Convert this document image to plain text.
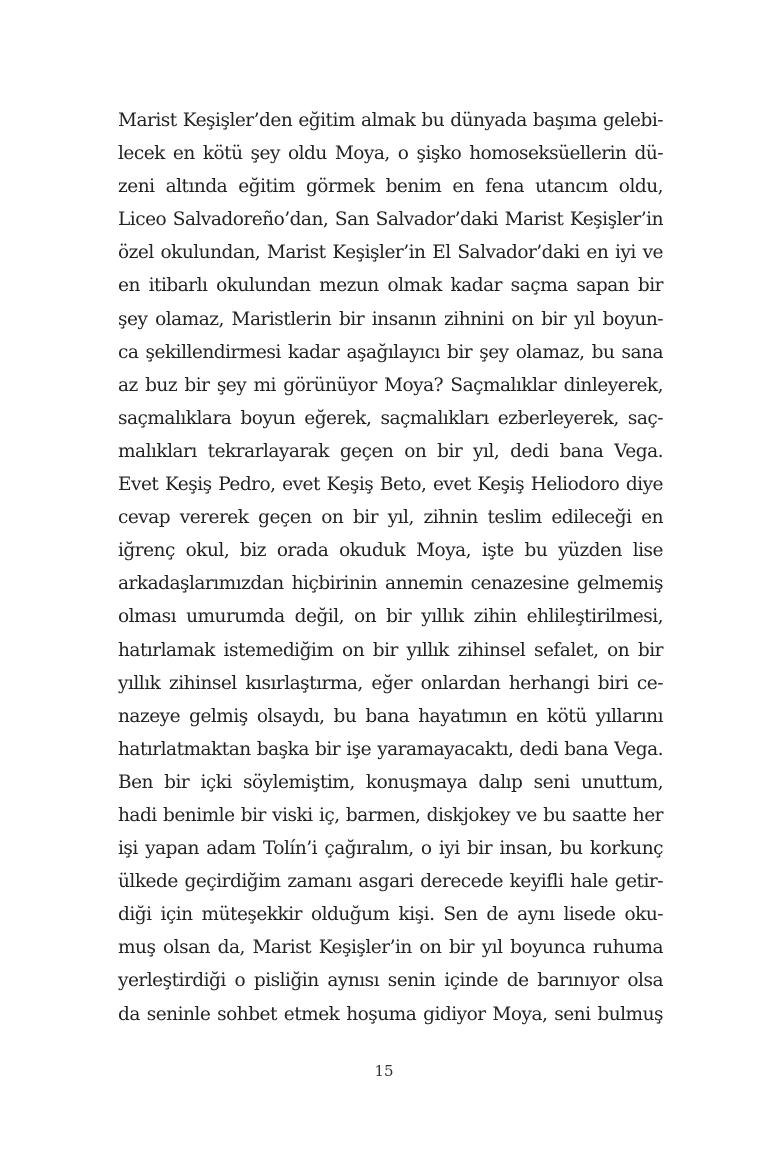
Marist Keşişler’den eğitim almak bu dünyada başıma gelebi-
lecek en kötü şey oldu Moya, o şişko homoseksüellerin dü-
zeni altında eğitim görmek benim en fena utancım oldu,
Liceo Salvadoreño’dan, San Salvador’daki Marist Keşişler’in
özel okulundan, Marist Keşişler’in El Salvador’daki en iyi ve
en itibarlı okulundan mezun olmak kadar saçma sapan bir
şey olamaz, Maristlerin bir insanın zihnini on bir yıl boyun-
ca şekillendirmesi kadar aşağılayıcı bir şey olamaz, bu sana
az buz bir şey mi görünüyor Moya? Saçmalıklar dinleyerek,
saçmalıklara boyun eğerek, saçmalıkları ezberleyerek, saç-
malıkları tekrarlayarak geçen on bir yıl, dedi bana Vega.
Evet Keşiş Pedro, evet Keşiş Beto, evet Keşiş Heliodoro diye
cevap vererek geçen on bir yıl, zihnin teslim edileceği en
iğrenç okul, biz orada okuduk Moya, işte bu yüzden lise
arkadaşlarımızdan hiçbirinin annemin cenazesine gelmemiş
olması umurumda değil, on bir yıllık zihin ehlileştirilmesi,
hatırlamak istemediğim on bir yıllık zihinsel sefalet, on bir
yıllık zihinsel kısırlaştırma, eğer onlardan herhangi biri ce-
nazeye gelmiş olsaydı, bu bana hayatımın en kötü yıllarını
hatırlatmaktan başka bir işe yaramayacaktı, dedi bana Vega.
Ben bir içki söylemiştim, konuşmaya dalıp seni unuttum,
hadi benimle bir viski iç, barmen, diskjokey ve bu saatte her
işi yapan adam Tolín’i çağıralım, o iyi bir insan, bu korkunç
ülkede geçirdiğim zamanı asgari derecede keyifli hale getir-
diği için müteşekkir olduğum kişi. Sen de aynı lisede oku-
muş olsan da, Marist Keşişler’in on bir yıl boyunca ruhuma
yerleştirdiği o pisliğin aynısı senin içinde de barınıyor olsa
da seninle sohbet etmek hoşuma gidiyor Moya, seni bulmuş
15
